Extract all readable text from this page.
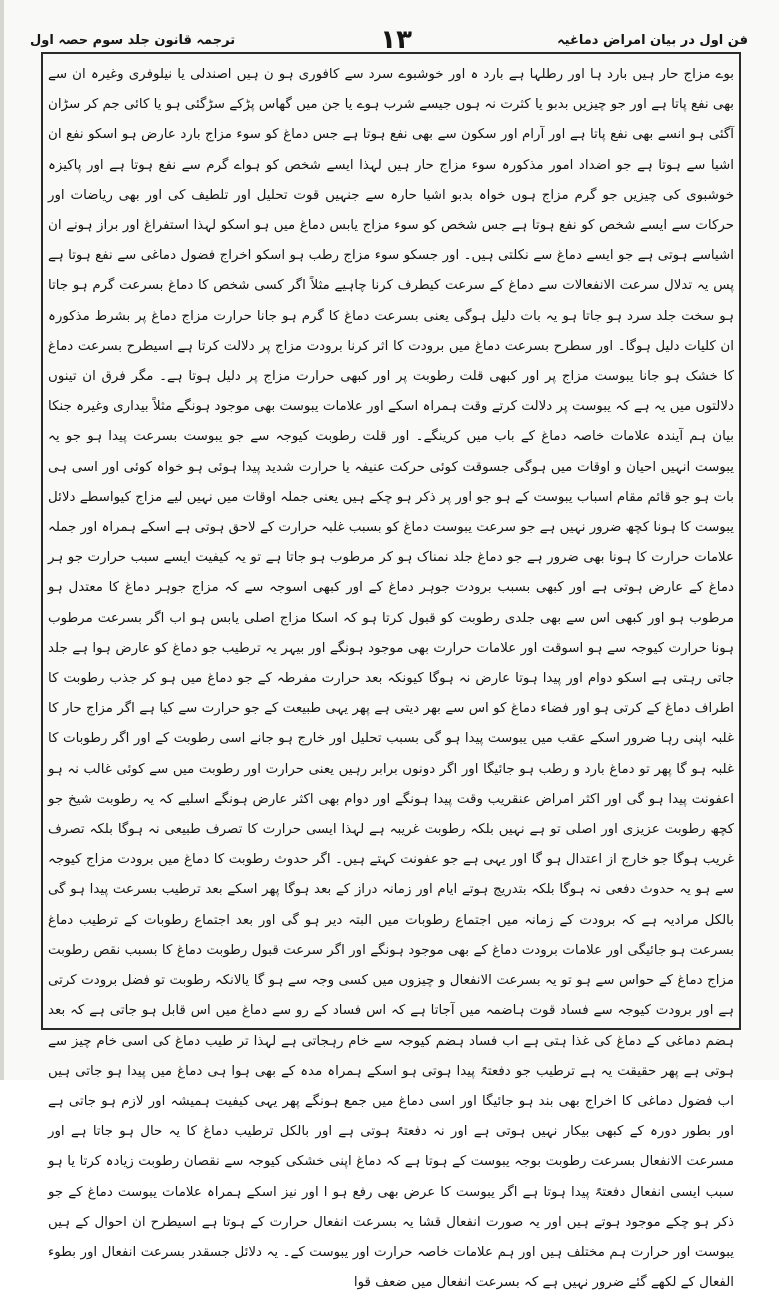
ترجمہ قانون جلد سوم حصہ اول	۱۳	فن اول در بیان امراض دماغیہ

بوے مزاج حار ہیں بارد ہا اور رطلہا ہے بارد ہ اور خوشبوے سرد سے کافوری ہو ن ہیں اصندلی یا نیلوفری وغیرہ ان سے بھی نفع پاتا ہے اور جو چیزیں بدبو یا کثرت نہ ہوں جیسے شرب ہوے یا جن میں گھاس پڑکے سڑگئی ہو یا کائی جم کر سڑان آگئی ہو انسے بھی نفع پاتا ہے اور آرام اور سکون سے بھی نفع ہوتا ہے جس دماغ کو سوء مزاج بارد عارض ہو اسکو نفع ان اشیا سے ہوتا ہے جو اضداد امور مذکورہ سوء مزاج حار ہیں لہذا ایسے شخص کو ہواے گرم سے نفع ہوتا ہے اور پاکیزہ خوشبوی کی چیزیں جو گرم مزاج ہوں خواہ بدبو اشیا حارہ سے جنہیں قوت تحلیل اور تلطیف کی اور بھی ریاضات اور حرکات سے ایسے شخص کو نفع ہوتا ہے جس شخص کو سوء مزاج یابس دماغ میں ہو اسکو لہذا استفراغ اور براز ہونے ان اشیاسے ہوتی ہے جو ایسے دماغ سے نکلتی ہیں۔ اور جسکو سوء مزاج رطب ہو اسکو اخراج فضول دماغی سے نفع ہوتا ہے پس یہ تدلال سرعت الانفعالات سے دماغ کے سرعت کیطرف کرنا چاہیے مثلاً اگر کسی شخص کا دماغ بسرعت گرم ہو جاتا ہو سخت جلد سرد ہو جاتا ہو یہ بات دلیل ہوگی یعنی بسرعت دماغ کا گرم ہو جانا حرارت مزاج دماغ پر بشرط مذکورہ ان کلیات دلیل ہوگا۔ اور سطرح بسرعت دماغ میں برودت کا اثر کرنا برودت مزاج پر دلالت کرتا ہے اسیطرح بسرعت دماغ کا خشک ہو جانا یبوست مزاج پر اور کبھی قلت رطوبت پر اور کبھی حرارت مزاج پر دلیل ہوتا ہے۔ مگر فرق ان تینوں دلالتوں میں یہ ہے کہ یبوست پر دلالت کرتے وقت ہمراہ اسکے اور علامات یبوست بھی موجود ہونگے مثلاً بیداری وغیرہ جنکا بیان ہم آیندہ علامات خاصہ دماغ کے باب میں کرینگے۔ اور قلت رطوبت کیوجہ سے جو یبوست بسرعت پیدا ہو جو یہ یبوست انہیں احیان و اوقات میں ہوگی جسوقت کوئی حرکت عنیفہ یا حرارت شدید پیدا ہوئی ہو خواہ کوئی اور اسی ہی بات ہو جو قائم مقام اسباب یبوست کے ہو جو اور پر ذکر ہو چکے ہیں یعنی جملہ اوقات میں نہیں لیے مزاج کیواسطے دلائل یبوست کا ہونا کچھ ضرور نہیں ہے جو سرعت یبوست دماغ کو بسبب غلبہ حرارت کے لاحق ہوتی ہے اسکے ہمراہ اور جملہ علامات حرارت کا ہونا بھی ضرور ہے جو دماغ جلد نمناک ہو کر مرطوب ہو جاتا ہے تو یہ کیفیت ایسے سبب حرارت جو ہر دماغ کے عارض ہوتی ہے اور کبھی بسبب برودت جوہر دماغ کے اور کبھی اسوجہ سے کہ مزاج جوہر دماغ کا معتدل ہو مرطوب ہو اور کبھی اس سے بھی جلدی رطوبت کو قبول کرتا ہو کہ اسکا مزاج اصلی یابس ہو اب اگر بسرعت مرطوب ہونا حرارت کیوجہ سے ہو اسوقت اور علامات حرارت بھی موجود ہونگے اور بیہر یہ ترطیب جو دماغ کو عارض ہوا ہے جلد جاتی رہتی ہے اسکو دوام اور پیدا ہوتا عارض نہ ہوگا کیونکہ بعد حرارت مفرطہ کے جو دماغ میں ہو کر جذب رطوبت کا اطراف دماغ کے کرتی ہو اور فضاء دماغ کو اس سے بھر دیتی ہے پھر یہی طبیعت کے جو حرارت سے کیا ہے اگر مزاج حار کا غلبہ اپنی رہا ضرور اسکے عقب میں یبوست پیدا ہو گی بسبب تحلیل اور خارج ہو جانے اسی رطوبت کے اور اگر رطوبات کا غلبہ ہو گا پھر تو دماغ بارد و رطب ہو جائیگا اور اگر دونوں برابر رہیں یعنی حرارت اور رطوبت میں سے کوئی غالب نہ ہو اعفونت پیدا ہو گی اور اکثر امراض عنقریب وقت پیدا ہونگے اور دوام بھی اکثر عارض ہونگے اسلیے کہ یہ رطوبت شیخ جو کچھ رطوبت عزیزی اور اصلی تو ہے نہیں بلکہ رطوبت غریبہ ہے لہذا ایسی حرارت کا تصرف طبیعی نہ ہوگا بلکہ تصرف غریب ہوگا جو خارج از اعتدال ہو گا اور یہی ہے جو عفونت کہتے ہیں۔ اگر حدوث رطوبت کا دماغ میں برودت مزاج کیوجہ سے ہو یہ حدوث دفعی نہ ہوگا بلکہ بتدریج ہوتے ایام اور زمانہ دراز کے بعد ہوگا پھر اسکے بعد ترطیب بسرعت پیدا ہو گی بالکل مرادیہ ہے کہ برودت کے زمانہ میں اجتماع رطوبات میں البتہ دیر ہو گی اور بعد اجتماع رطوبات کے ترطیب دماغ بسرعت ہو جائیگی اور علامات برودت دماغ کے بھی موجود ہونگے اور اگر سرعت قبول رطوبت دماغ کا بسبب نقص رطوبت مزاج دماغ کے حواس سے ہو تو یہ بسرعت الانفعال و چیزوں میں کسی وجہ سے ہو گا یالانکہ رطوبت تو فضل برودت کرتی ہے اور برودت کیوجہ سے فساد قوت ہاضمہ میں آجاتا ہے کہ اس فساد کے رو سے دماغ میں اس قابل ہو جاتی ہے کہ بعد ہضم دماغی کے دماغ کی غذا ہتی ہے اب فساد ہضم کیوجہ سے خام رہجاتی ہے لہذا تر طیب دماغ کی اسی خام چیز سے ہوتی ہے پھر حقیقت یہ ہے ترطیب جو دفعتہً پیدا ہوتی ہو اسکے ہمراہ مدہ کے بھی ہوا ہی دماغ میں پیدا ہو جاتی ہیں اب فضول دماغی کا اخراج بھی بند ہو جائیگا اور اسی دماغ میں جمع ہونگے پھر یہی کیفیت ہمیشہ اور لازم ہو جاتی ہے اور بطور دورہ کے کبھی بیکار نہیں ہوتی ہے اور نہ دفعتہً ہوتی ہے اور بالکل ترطیب دماغ کا یہ حال ہو جاتا ہے اور مسرعت الانفعال بسرعت رطوبت بوجہ یبوست کے ہوتا ہے کہ دماغ اپنی خشکی کیوجہ سے نقصان رطوبت زیادہ کرتا یا ہو سبب ایسی انفعال دفعتہً پیدا ہوتا ہے اگر یبوست کا عرض بھی رفع ہو ا اور نیز اسکے ہمراہ علامات یبوست دماغ کے جو ذکر ہو چکے موجود ہوتے ہیں اور یہ صورت انفعال قشا یہ بسرعت انفعال حرارت کے ہوتا ہے اسیطرح ان احوال کے ہیں یبوست اور حرارت ہم مختلف ہیں اور ہم علامات خاصہ حرارت اور یبوست کے۔ یہ دلائل جسقدر بسرعت انفعال اور بطوء الفعال کے لکھے گئے ضرور نہیں ہے کہ بسرعت انفعال میں ضعف قوا
